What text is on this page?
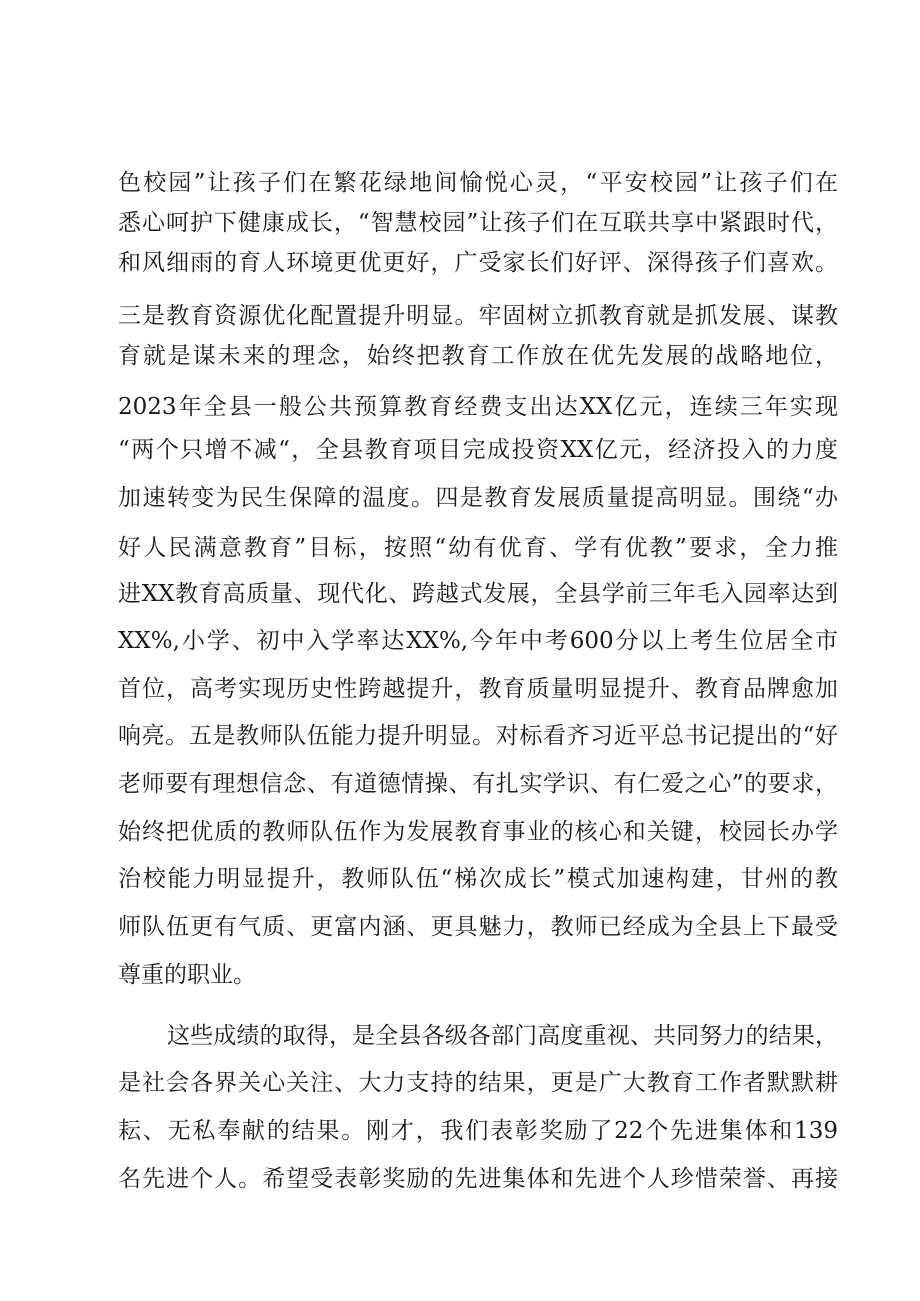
色校园”让孩子们在繁花绿地间愉悦心灵，“平安校园”让孩子们在
悉心呵护下健康成长，“智慧校园”让孩子们在互联共享中紧跟时代，
和风细雨的育人环境更优更好，广受家长们好评、深得孩子们喜欢。
三是教育资源优化配置提升明显。牢固树立抓教育就是抓发展、谋教
育就是谋未来的理念，始终把教育工作放在优先发展的战略地位，
2023年全县一般公共预算教育经费支出达XX亿元，连续三年实现
“两个只增不减“，全县教育项目完成投资XX亿元，经济投入的力度
加速转变为民生保障的温度。四是教育发展质量提高明显。围绕“办
好人民满意教育”目标，按照“幼有优育、学有优教”要求，全力推
进XX教育高质量、现代化、跨越式发展，全县学前三年毛入园率达到
XX%,小学、初中入学率达XX%,今年中考600分以上考生位居全市
首位，高考实现历史性跨越提升，教育质量明显提升、教育品牌愈加
响亮。五是教师队伍能力提升明显。对标看齐习近平总书记提出的“好
老师要有理想信念、有道德情操、有扎实学识、有仁爱之心”的要求，
始终把优质的教师队伍作为发展教育事业的核心和关键，校园长办学
治校能力明显提升，教师队伍“梯次成长”模式加速构建，甘州的教
师队伍更有气质、更富内涵、更具魅力，教师已经成为全县上下最受
尊重的职业。
这些成绩的取得，是全县各级各部门高度重视、共同努力的结果，
是社会各界关心关注、大力支持的结果，更是广大教育工作者默默耕
耘、无私奉献的结果。刚才，我们表彰奖励了22个先进集体和139
名先进个人。希望受表彰奖励的先进集体和先进个人珍惜荣誉、再接
